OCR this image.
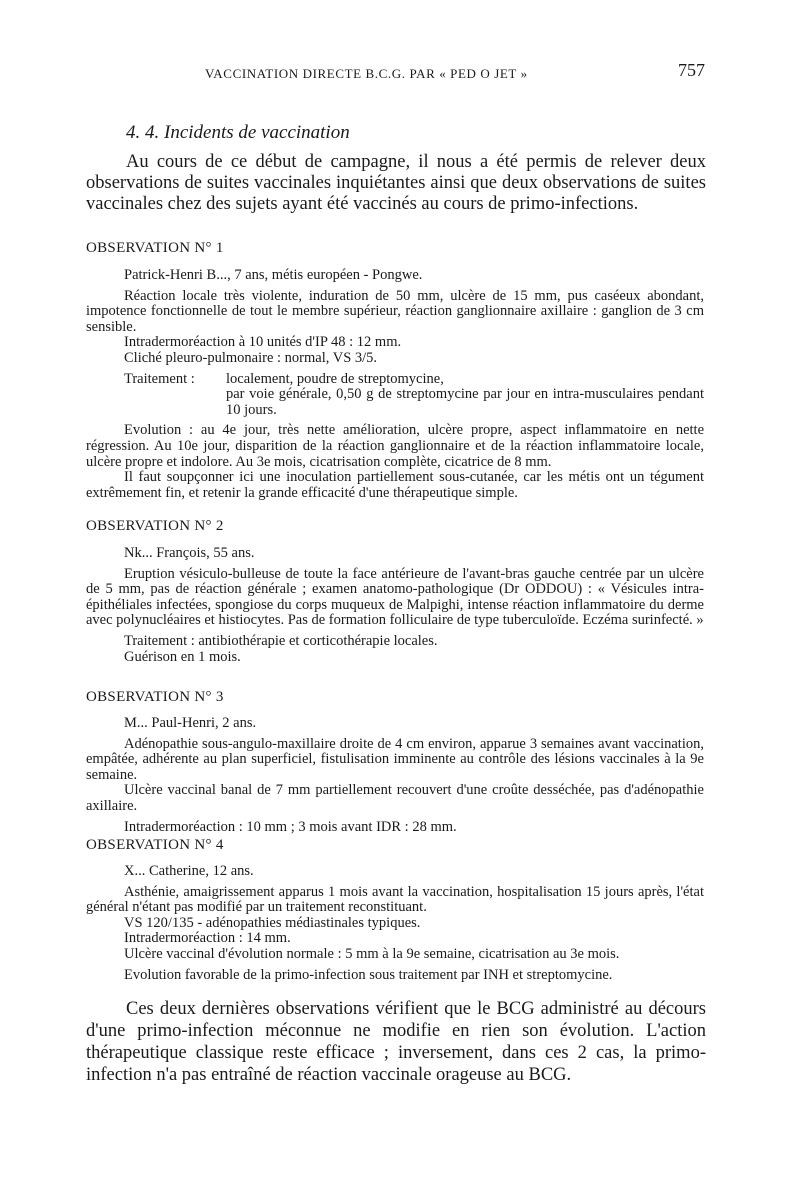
VACCINATION DIRECTE B.C.G. PAR « PED O JET »	757
4. 4. Incidents de vaccination

Au cours de ce début de campagne, il nous a été permis de relever deux observations de suites vaccinales inquiétantes ainsi que deux observations de suites vaccinales chez des sujets ayant été vaccinés au cours de primo-infections.

OBSERVATION N° 1

Patrick-Henri B..., 7 ans, métis européen - Pongwe.

Réaction locale très violente, induration de 50 mm, ulcère de 15 mm, pus caséeux abondant, impotence fonctionnelle de tout le membre supérieur, réaction ganglionnaire axillaire : ganglion de 3 cm sensible.

Intradermoréaction à 10 unités d'IP 48 : 12 mm.

Cliché pleuro-pulmonaire : normal, VS 3/5.

Traitement :	localement, poudre de streptomycine,

par voie générale, 0,50 g de streptomycine par jour en intra-musculaires pendant 10 jours.

Evolution : au 4e jour, très nette amélioration, ulcère propre, aspect inflammatoire en nette régression. Au 10e jour, disparition de la réaction ganglionnaire et de la réaction inflammatoire locale, ulcère propre et indolore. Au 3e mois, cicatrisation complète, cicatrice de 8 mm.

Il faut soupçonner ici une inoculation partiellement sous-cutanée, car les métis ont un tégument extrêmement fin, et retenir la grande efficacité d'une thérapeutique simple.

OBSERVATION N° 2

Nk... François, 55 ans.

Eruption vésiculo-bulleuse de toute la face antérieure de l'avant-bras gauche centrée par un ulcère de 5 mm, pas de réaction générale ; examen anatomo-pathologique (Dr ODDOU) : « Vésicules intra-épithéliales infectées, spongiose du corps muqueux de Malpighi, intense réaction inflammatoire du derme avec polynucléaires et histiocytes. Pas de formation folliculaire de type tuberculoïde. Eczéma surinfecté. »

Traitement : antibiothérapie et corticothérapie locales.

Guérison en 1 mois.

OBSERVATION N° 3

M... Paul-Henri, 2 ans.

Adénopathie sous-angulo-maxillaire droite de 4 cm environ, apparue 3 semaines avant vaccination, empâtée, adhérente au plan superficiel, fistulisation imminente au contrôle des lésions vaccinales à la 9e semaine.

Ulcère vaccinal banal de 7 mm partiellement recouvert d'une croûte desséchée, pas d'adénopathie axillaire.

Intradermoréaction : 10 mm ; 3 mois avant IDR : 28 mm.

OBSERVATION N° 4

X... Catherine, 12 ans.

Asthénie, amaigrissement apparus 1 mois avant la vaccination, hospitalisation 15 jours après, l'état général n'étant pas modifié par un traitement reconstituant.

VS 120/135 - adénopathies médiastinales typiques.

Intradermoréaction : 14 mm.

Ulcère vaccinal d'évolution normale : 5 mm à la 9e semaine, cicatrisation au 3e mois.

Evolution favorable de la primo-infection sous traitement par INH et streptomycine.

Ces deux dernières observations vérifient que le BCG administré au décours d'une primo-infection méconnue ne modifie en rien son évolution. L'action thérapeutique classique reste efficace ; inversement, dans ces 2 cas, la primo-infection n'a pas entraîné de réaction vaccinale orageuse au BCG.
